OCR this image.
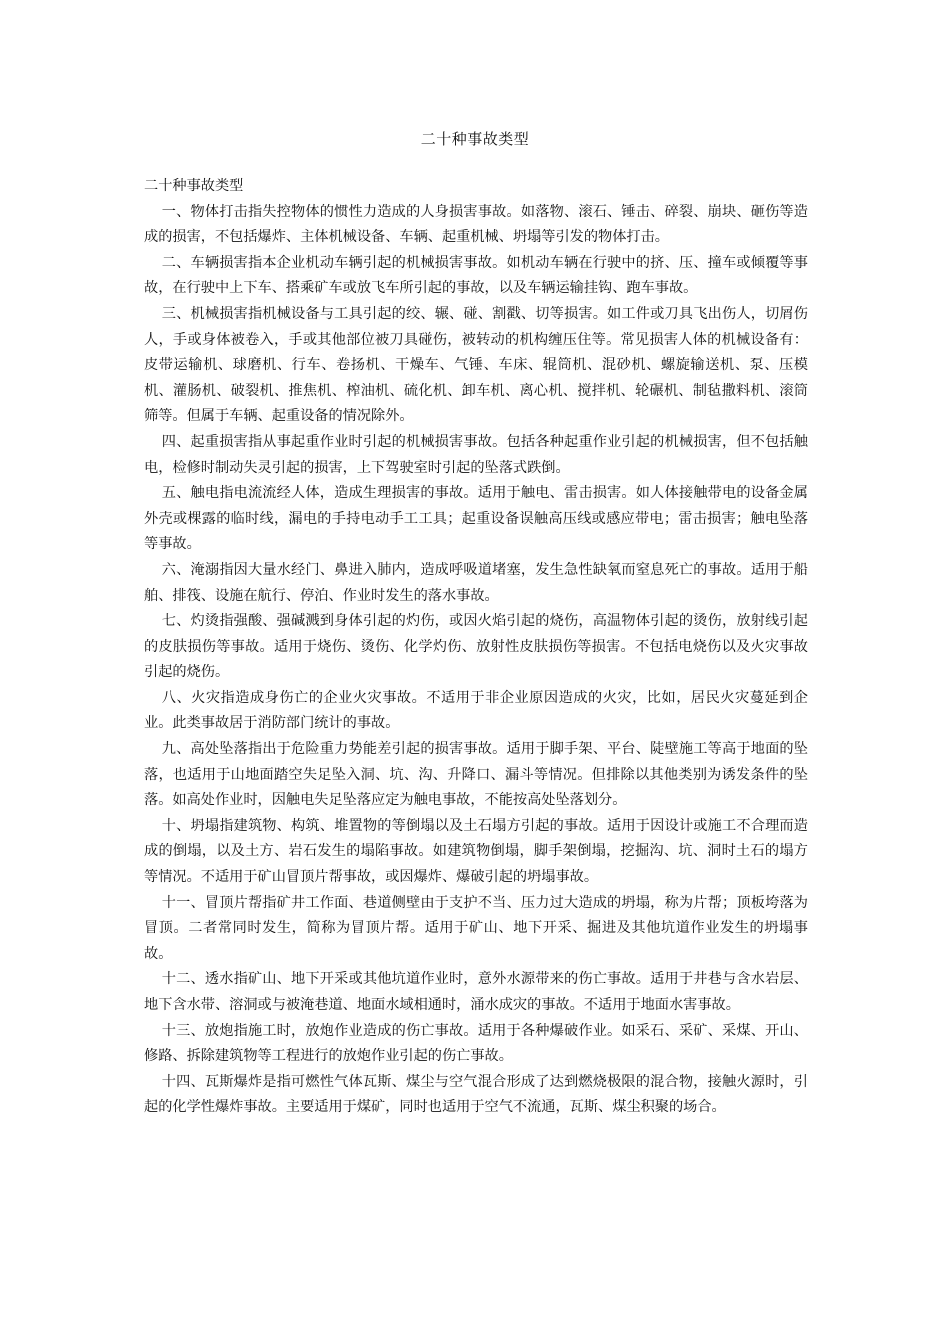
二十种事故类型

二十种事故类型

一、物体打击指失控物体的惯性力造成的人身损害事故。如落物、滚石、锤击、碎裂、崩块、砸伤等造成的损害，不包括爆炸、主体机械设备、车辆、起重机械、坍塌等引发的物体打击。

二、车辆损害指本企业机动车辆引起的机械损害事故。如机动车辆在行驶中的挤、压、撞车或倾覆等事故，在行驶中上下车、搭乘矿车或放飞车所引起的事故，以及车辆运输挂钩、跑车事故。

三、机械损害指机械设备与工具引起的绞、辗、碰、割戳、切等损害。如工件或刀具飞出伤人，切屑伤人，手或身体被卷入，手或其他部位被刀具碰伤，被转动的机构缠压住等。常见损害人体的机械设备有：皮带运输机、球磨机、行车、卷扬机、干燥车、气锤、车床、辊筒机、混砂机、螺旋输送机、泵、压模机、灌肠机、破裂机、推焦机、榨油机、硫化机、卸车机、离心机、搅拌机、轮碾机、制毡撒料机、滚筒筛等。但属于车辆、起重设备的情况除外。

四、起重损害指从事起重作业时引起的机械损害事故。包括各种起重作业引起的机械损害，但不包括触电，检修时制动失灵引起的损害，上下驾驶室时引起的坠落式跌倒。

五、触电指电流流经人体，造成生理损害的事故。适用于触电、雷击损害。如人体接触带电的设备金属外壳或棵露的临时线，漏电的手持电动手工工具；起重设备误触高压线或感应带电；雷击损害；触电坠落等事故。

六、淹溺指因大量水经门、鼻进入肺内，造成呼吸道堵塞，发生急性缺氧而窒息死亡的事故。适用于船舶、排筏、设施在航行、停泊、作业时发生的落水事故。

七、灼烫指强酸、强碱溅到身体引起的灼伤，或因火焰引起的烧伤，高温物体引起的烫伤，放射线引起的皮肤损伤等事故。适用于烧伤、烫伤、化学灼伤、放射性皮肤损伤等损害。不包括电烧伤以及火灾事故引起的烧伤。

八、火灾指造成身伤亡的企业火灾事故。不适用于非企业原因造成的火灾，比如，居民火灾蔓延到企业。此类事故居于消防部门统计的事故。

九、高处坠落指出于危险重力势能差引起的损害事故。适用于脚手架、平台、陡壁施工等高于地面的坠落，也适用于山地面踏空失足坠入洞、坑、沟、升降口、漏斗等情况。但排除以其他类别为诱发条件的坠落。如高处作业时，因触电失足坠落应定为触电事故，不能按高处坠落划分。

十、坍塌指建筑物、构筑、堆置物的等倒塌以及土石塌方引起的事故。适用于因设计或施工不合理而造成的倒塌，以及土方、岩石发生的塌陷事故。如建筑物倒塌，脚手架倒塌，挖掘沟、坑、洞时土石的塌方等情况。不适用于矿山冒顶片帮事故，或因爆炸、爆破引起的坍塌事故。

十一、冒顶片帮指矿井工作面、巷道侧壁由于支护不当、压力过大造成的坍塌，称为片帮；顶板垮落为冒顶。二者常同时发生，简称为冒顶片帮。适用于矿山、地下开采、掘进及其他坑道作业发生的坍塌事故。

十二、透水指矿山、地下开采或其他坑道作业时，意外水源带来的伤亡事故。适用于井巷与含水岩层、地下含水带、溶洞或与被淹巷道、地面水域相通时，涌水成灾的事故。不适用于地面水害事故。

十三、放炮指施工时，放炮作业造成的伤亡事故。适用于各种爆破作业。如采石、采矿、采煤、开山、修路、拆除建筑物等工程进行的放炮作业引起的伤亡事故。

十四、瓦斯爆炸是指可燃性气体瓦斯、煤尘与空气混合形成了达到燃烧极限的混合物，接触火源时，引起的化学性爆炸事故。主要适用于煤矿，同时也适用于空气不流通，瓦斯、煤尘积聚的场合。
